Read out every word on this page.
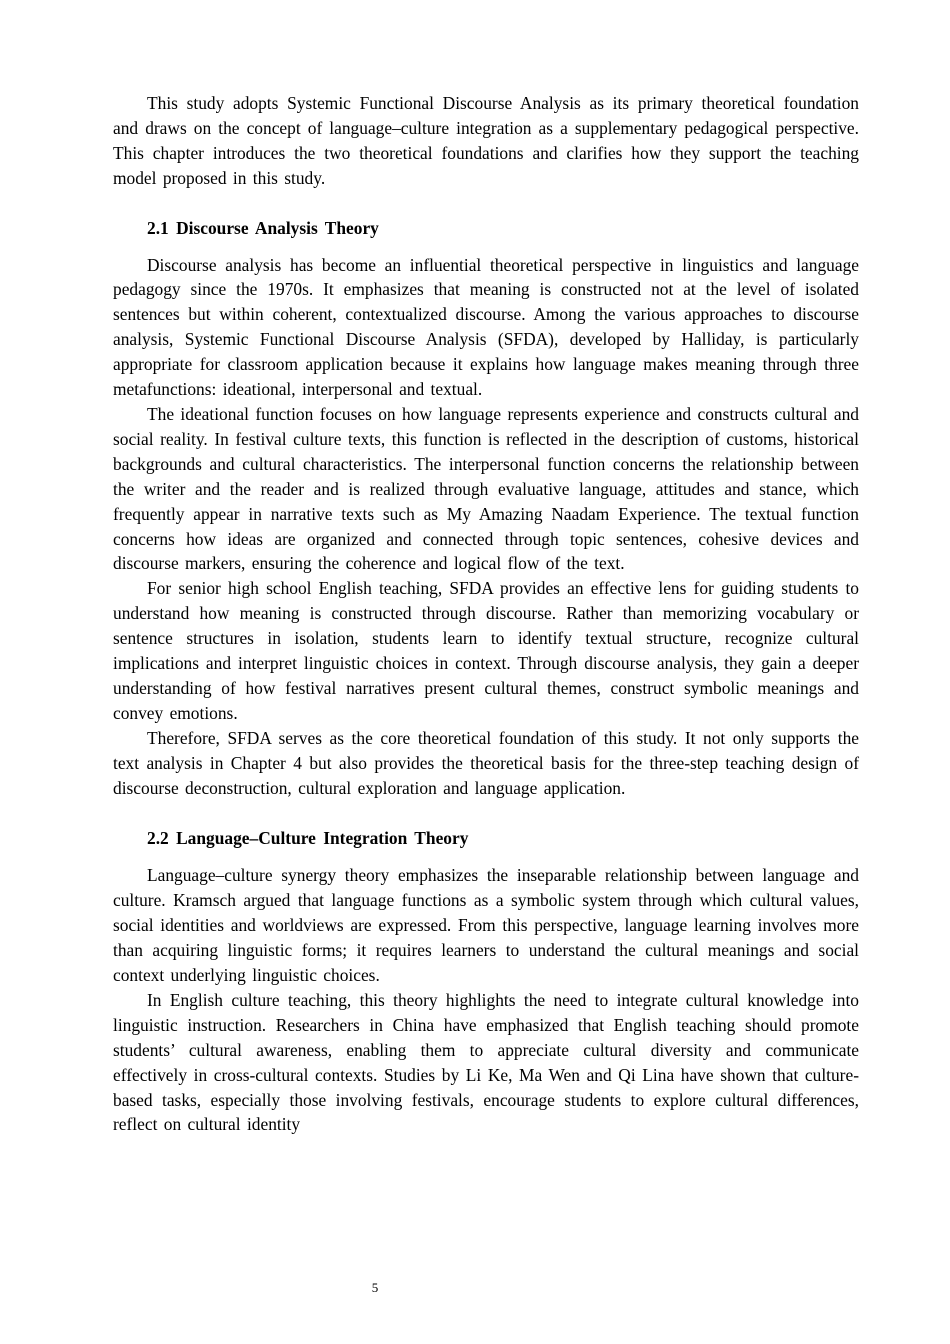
This study adopts Systemic Functional Discourse Analysis as its primary theoretical foundation and draws on the concept of language–culture integration as a supplementary pedagogical perspective. This chapter introduces the two theoretical foundations and clarifies how they support the teaching model proposed in this study.

2.1 Discourse Analysis Theory

Discourse analysis has become an influential theoretical perspective in linguistics and language pedagogy since the 1970s. It emphasizes that meaning is constructed not at the level of isolated sentences but within coherent, contextualized discourse. Among the various approaches to discourse analysis, Systemic Functional Discourse Analysis (SFDA), developed by Halliday, is particularly appropriate for classroom application because it explains how language makes meaning through three metafunctions: ideational, interpersonal and textual.

The ideational function focuses on how language represents experience and constructs cultural and social reality. In festival culture texts, this function is reflected in the description of customs, historical backgrounds and cultural characteristics. The interpersonal function concerns the relationship between the writer and the reader and is realized through evaluative language, attitudes and stance, which frequently appear in narrative texts such as My Amazing Naadam Experience. The textual function concerns how ideas are organized and connected through topic sentences, cohesive devices and discourse markers, ensuring the coherence and logical flow of the text.

For senior high school English teaching, SFDA provides an effective lens for guiding students to understand how meaning is constructed through discourse. Rather than memorizing vocabulary or sentence structures in isolation, students learn to identify textual structure, recognize cultural implications and interpret linguistic choices in context. Through discourse analysis, they gain a deeper understanding of how festival narratives present cultural themes, construct symbolic meanings and convey emotions.

Therefore, SFDA serves as the core theoretical foundation of this study. It not only supports the text analysis in Chapter 4 but also provides the theoretical basis for the three-step teaching design of discourse deconstruction, cultural exploration and language application.

2.2 Language–Culture Integration Theory

Language–culture synergy theory emphasizes the inseparable relationship between language and culture. Kramsch argued that language functions as a symbolic system through which cultural values, social identities and worldviews are expressed. From this perspective, language learning involves more than acquiring linguistic forms; it requires learners to understand the cultural meanings and social context underlying linguistic choices.

In English culture teaching, this theory highlights the need to integrate cultural knowledge into linguistic instruction. Researchers in China have emphasized that English teaching should promote students’ cultural awareness, enabling them to appreciate cultural diversity and communicate effectively in cross-cultural contexts. Studies by Li Ke, Ma Wen and Qi Lina have shown that culture-based tasks, especially those involving festivals, encourage students to explore cultural differences, reflect on cultural identity

5
